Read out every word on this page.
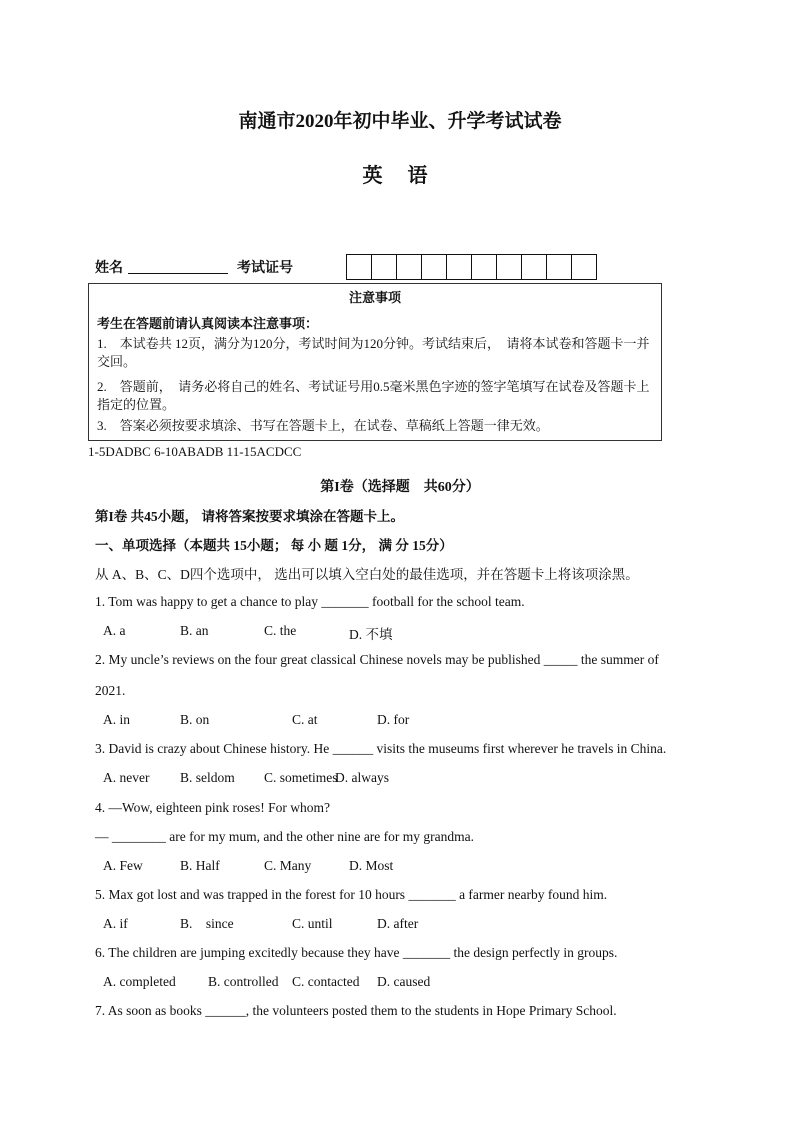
南通市2020年初中毕业、升学考试试卷
英 语
姓名	考试证号
注意事项
考生在答题前请认真阅读本注意事项：
1.　本试卷共 12页，满分为120分，考试时间为120分钟。考试结束后，　请将本试卷和答题卡一并交回。
2.　答题前，　请务必将自己的姓名、考试证号用0.5毫米黑色字迹的签字笔填写在试卷及答题卡上指定的位置。
3.　答案必须按要求填涂、书写在答题卡上，在试卷、草稿纸上答题一律无效。
1-5DADBC 6-10ABADB 11-15ACDCC
第I卷（选择题　共60分）
第I卷 共45小题， 请将答案按要求填涂在答题卡上。
一、单项选择（本题共 15小题； 每 小 题 1分， 满 分 15分）
从 A、B、C、D四个选项中， 选出可以填入空白处的最佳选项，并在答题卡上将该项涂黑。
1. Tom was happy to get a chance to play _______ football for the school team.
A. a	B. an	C. the	D. 不填
2. My uncle’s reviews on the four great classical Chinese novels may be published _____ the summer of
2021.
A. in	B. on	C. at	D. for
3. David is crazy about Chinese history. He ______ visits the museums first wherever he travels in China.
A. never B. seldom C. sometimes
D. always
4. —Wow, eighteen pink roses! For whom?
— ________ are for my mum, and the other nine are for my grandma.
A. Few	B. Half	C. Many	D. Most
5. Max got lost and was trapped in the forest for 10 hours _______ a farmer nearby found him.
A. if	B.    since	C. until	D. after
6. The children are jumping excitedly because they have _______ the design perfectly in groups.
A. completed B. controlled C. contacted D. caused
7. As soon as books ______, the volunteers posted them to the students in Hope Primary School.
